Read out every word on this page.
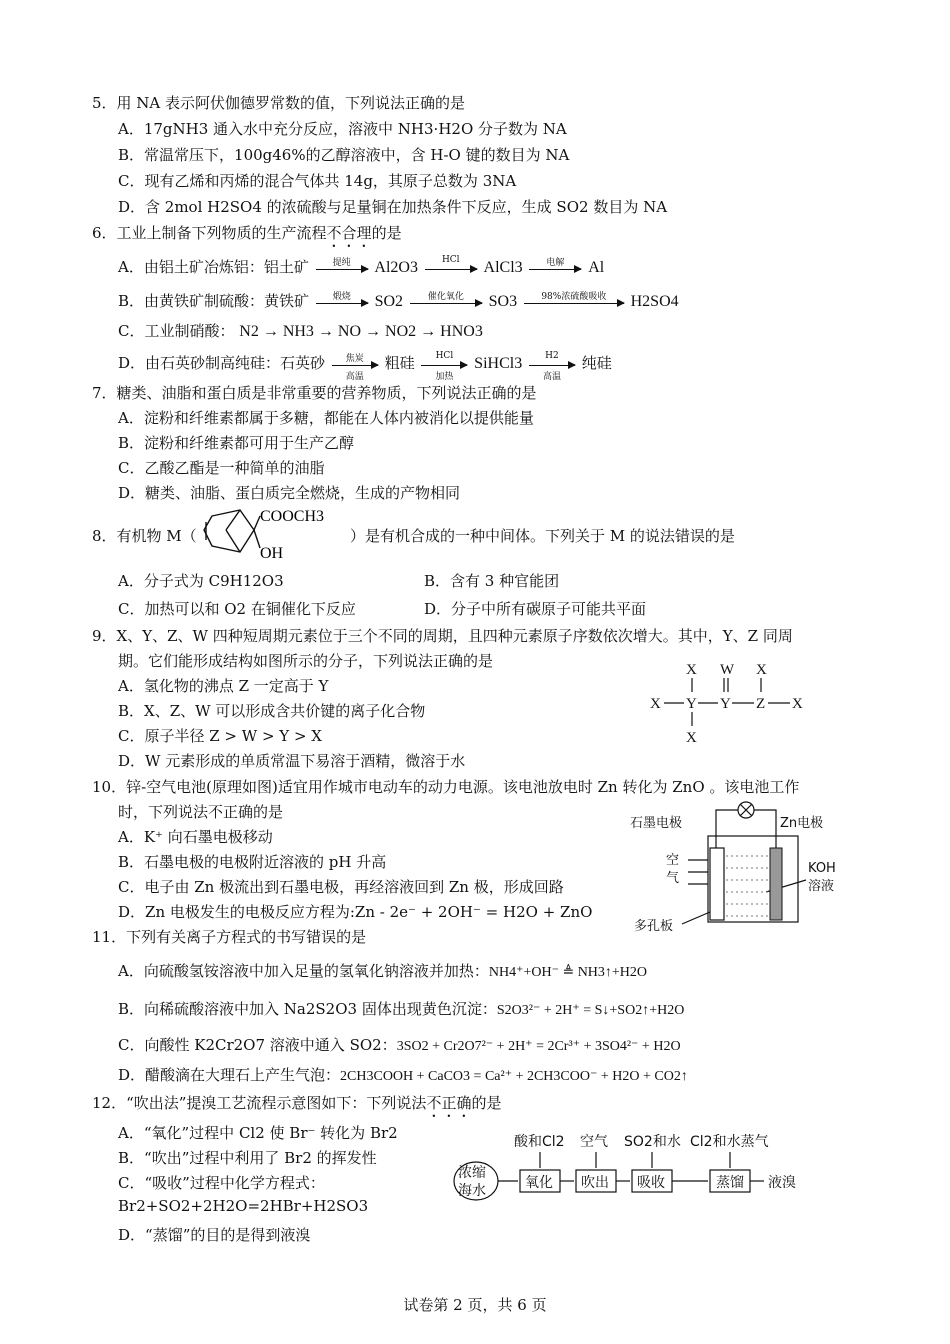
5．用 NA 表示阿伏伽德罗常数的值，下列说法正确的是
A．17gNH3 通入水中充分反应，溶液中 NH3·H2O 分子数为 NA
B．常温常压下，100g46%的乙醇溶液中，含 H-O 键的数目为 NA
C．现有乙烯和丙烯的混合气体共 14g，其原子总数为 3NA
D．含 2mol H2SO4 的浓硫酸与足量铜在加热条件下反应，生成 SO2 数目为 NA
6．工业上制备下列物质的生产流程不合理的是
A．由铝土矿冶炼铝：铝土矿	提纯	Al2O3	HCl	AlCl3	电解	Al
B．由黄铁矿制硫酸：黄铁矿	煅烧	SO2	催化氧化	SO3	98%浓硫酸吸收	H2SO4
C．工业制硝酸： N2 → NH3 → NO → NO2 → HNO3
D．由石英砂制高纯硅：石英砂	焦炭
高温
粗硅	HCl
加热
SiHCl3	H2
高温
纯硅
7．糖类、油脂和蛋白质是非常重要的营养物质，下列说法正确的是
A．淀粉和纤维素都属于多糖，都能在人体内被消化以提供能量
B．淀粉和纤维素都可用于生产乙醇
C．乙酸乙酯是一种简单的油脂
D．糖类、油脂、蛋白质完全燃烧，生成的产物相同
8．有机物 M（
COOCH3
OH
）是有机合成的一种中间体。下列关于 M 的说法错误的是
A．分子式为 C9H12O3	B．含有 3 种官能团
C．加热可以和 O2 在铜催化下反应	D．分子中所有碳原子可能共平面
9．X、Y、Z、W 四种短周期元素位于三个不同的周期，且四种元素原子序数依次增大。其中，Y、Z 同周
期。它们能形成结构如图所示的分子，下列说法正确的是
A．氢化物的沸点 Z 一定高于 Y
B．X、Z、W 可以形成含共价键的离子化合物
C．原子半径 Z > W > Y > X
D．W 元素形成的单质常温下易溶于酒精，微溶于水
X W X
X Y Y Z X
X
10．锌-空气电池(原理如图)适宜用作城市电动车的动力电源。该电池放电时 Zn 转化为 ZnO 。该电池工作
时，下列说法不正确的是
A．K⁺ 向石墨电极移动
B．石墨电极的电极附近溶液的 pH 升高
C．电子由 Zn 极流出到石墨电极，再经溶液回到 Zn 极，形成回路
D．Zn 电极发生的电极反应方程为:Zn - 2e⁻ + 2OH⁻ = H2O + ZnO
石墨电极	Zn电极
空
气
KOH
溶液
多孔板
11．下列有关离子方程式的书写错误的是
A．向硫酸氢铵溶液中加入足量的氢氧化钠溶液并加热：NH4⁺+OH⁻ ≜ NH3↑+H2O
B．向稀硫酸溶液中加入 Na2S2O3 固体出现黄色沉淀：S2O3²⁻ + 2H⁺ = S↓+SO2↑+H2O
C．向酸性 K2Cr2O7 溶液中通入 SO2：3SO2 + Cr2O7²⁻ + 2H⁺ = 2Cr³⁺ + 3SO4²⁻ + H2O
D．醋酸滴在大理石上产生气泡：2CH3COOH + CaCO3 = Ca²⁺ + 2CH3COO⁻ + H2O + CO2↑
12．“吹出法”提溴工艺流程示意图如下：下列说法不正确的是
A．“氧化”过程中 Cl2 使 Br⁻ 转化为 Br2
B．“吹出”过程中利用了 Br2 的挥发性
C．“吸收”过程中化学方程式：
Br2+SO2+2H2O=2HBr+H2SO3
D．“蒸馏”的目的是得到液溴
酸和Cl2 空气 SO2和水 Cl2和水蒸气
浓缩
海水	氧化 吹出 吸收	蒸馏 液溴
试卷第 2 页，共 6 页
